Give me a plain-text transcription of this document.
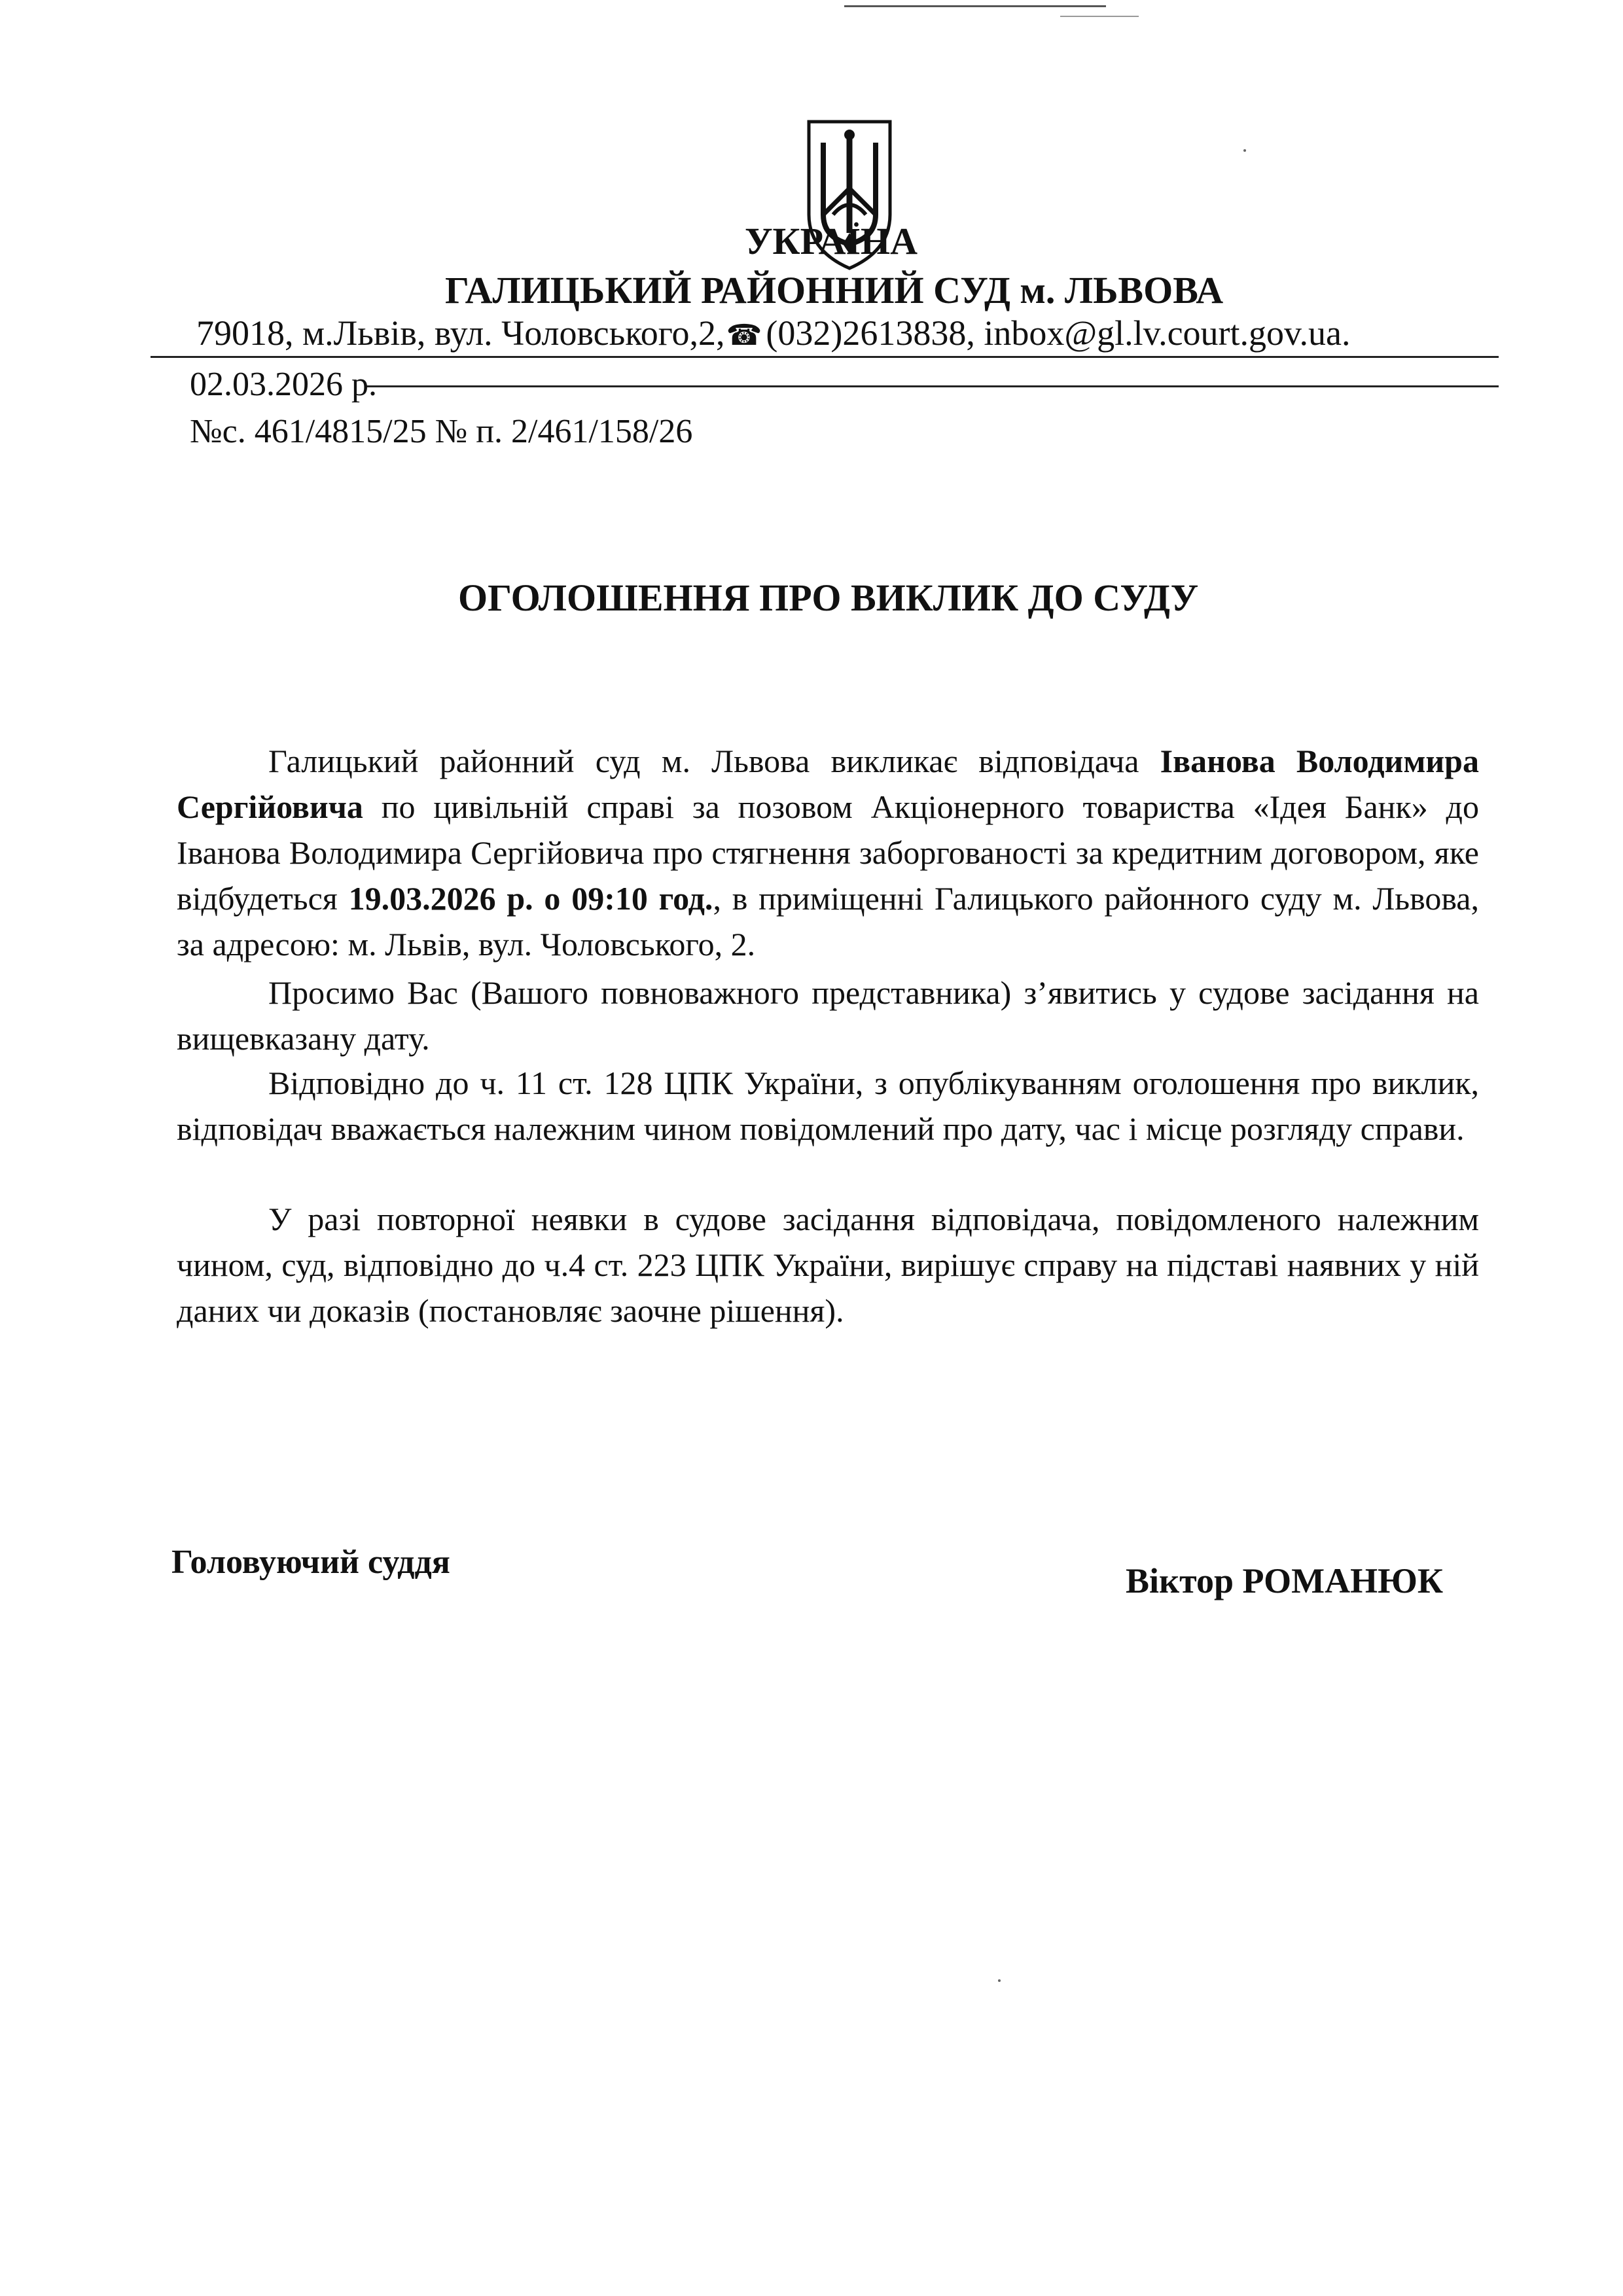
УКРАЇНА
ГАЛИЦЬКИЙ РАЙОННИЙ СУД м. ЛЬВОВА
79018, м.Львів, вул. Чоловського,2,☎ (032)2613838, inbox@gl.lv.court.gov.ua.
02.03.2026 р.
№с. 461/4815/25 № п. 2/461/158/26
ОГОЛОШЕННЯ ПРО ВИКЛИК ДО СУДУ
Галицький районний суд м. Львова викликає відповідача Іванова Володимира Сергійовича по цивільній справі за позовом Акціонерного товариства «Ідея Банк» до Іванова Володимира Сергійовича про стягнення заборгованості за кредитним договором, яке відбудеться 19.03.2026 р. о 09:10 год., в приміщенні Галицького районного суду м. Львова, за адресою: м. Львів, вул. Чоловського, 2.
Просимо Вас (Вашого повноважного представника) з’явитись у судове засідання на вищевказану дату.
Відповідно до ч. 11 ст. 128 ЦПК України, з опублікуванням оголошення про виклик, відповідач вважається належним чином повідомлений про дату, час і місце розгляду справи.
У разі повторної неявки в судове засідання відповідача, повідомленого належним чином, суд, відповідно до ч.4 ст. 223 ЦПК України, вирішує справу на підставі наявних у ній даних чи доказів (постановляє заочне рішення).
Головуючий суддя	Віктор РОМАНЮК
